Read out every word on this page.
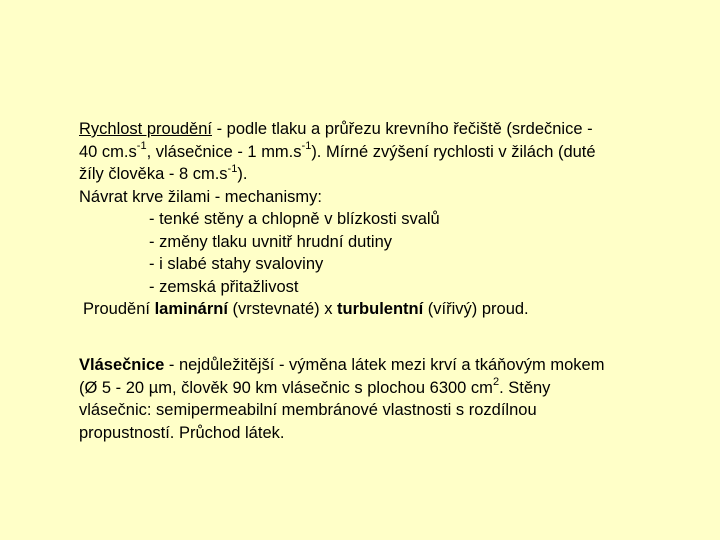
Rychlost proudění - podle tlaku a průřezu krevního řečiště (srdečnice -
40 $cm.s^{-1}$, vlásečnice - 1 $mm.s^{-1}$). Mírné zvýšení rychlosti v žilách (duté
žíly člověka - 8 $cm.s^{-1}$).
Návrat krve žilami - mechanismy:
- tenké stěny a chlopně v blízkosti svalů
- změny tlaku uvnitř hrudní dutiny
- i slabé stahy svaloviny
- zemská přitažlivost
Proudění laminární (vrstevnaté) x turbulentní (vířivý) proud.
Vlásečnice - nejdůležitější - výměna látek mezi krví a tkáňovým mokem
(Ø 5 - 20 µm, člověk 90 km vlásečnic s plochou 6300 $cm^2$. Stěny
vlásečnic: semipermeabilní membránové vlastnosti s rozdílnou
propustností. Průchod látek.
